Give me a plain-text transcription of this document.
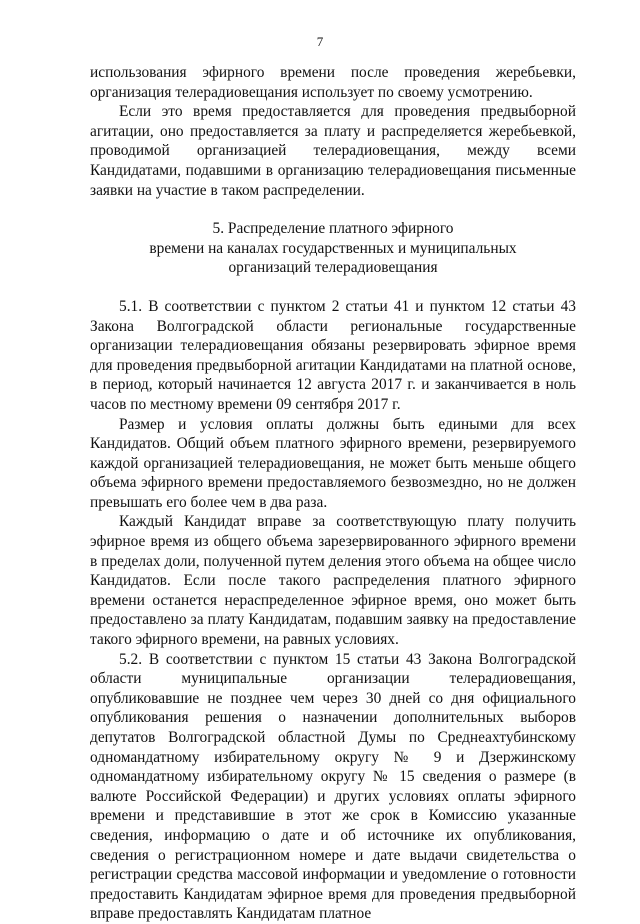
7

использования эфирного времени после проведения жеребьевки, организация телерадиовещания использует по своему усмотрению.

Если это время предоставляется для проведения предвыборной агитации, оно предоставляется за плату и распределяется жеребьевкой, проводимой организацией телерадиовещания, между всеми Кандидатами, подавшими в организацию телерадиовещания письменные заявки на участие в таком распределении.

5. Распределение платного эфирного
времени на каналах государственных и муниципальных
организаций телерадиовещания

5.1. В соответствии с пунктом 2 статьи 41 и пунктом 12 статьи 43 Закона Волгоградской области региональные государственные организации телерадиовещания обязаны резервировать эфирное время для проведения предвыборной агитации Кандидатами на платной основе, в период, который начинается 12 августа 2017 г. и заканчивается в ноль часов по местному времени 09 сентября 2017 г.

Размер и условия оплаты должны быть едиными для всех Кандидатов. Общий объем платного эфирного времени, резервируемого каждой организацией телерадиовещания, не может быть меньше общего объема эфирного времени предоставляемого безвозмездно, но не должен превышать его более чем в два раза.

Каждый Кандидат вправе за соответствующую плату получить эфирное время из общего объема зарезервированного эфирного времени в пределах доли, полученной путем деления этого объема на общее число Кандидатов. Если после такого распределения платного эфирного времени останется нераспределенное эфирное время, оно может быть предоставлено за плату Кандидатам, подавшим заявку на предоставление такого эфирного времени, на равных условиях.

5.2. В соответствии с пунктом 15 статьи 43 Закона Волгоградской области муниципальные организации телерадиовещания, опубликовавшие не позднее чем через 30 дней со дня официального опубликования решения о назначении дополнительных выборов депутатов Волгоградской областной Думы по Среднеахтубинскому одномандатному избирательному округу № 9 и Дзержинскому одномандатному избирательному округу № 15 сведения о размере (в валюте Российской Федерации) и других условиях оплаты эфирного времени и представившие в этот же срок в Комиссию указанные сведения, информацию о дате и об источнике их опубликования, сведения о регистрационном номере и дате выдачи свидетельства о регистрации средства массовой информации и уведомление о готовности предоставить Кандидатам эфирное время для проведения предвыборной вправе предоставлять Кандидатам платное
